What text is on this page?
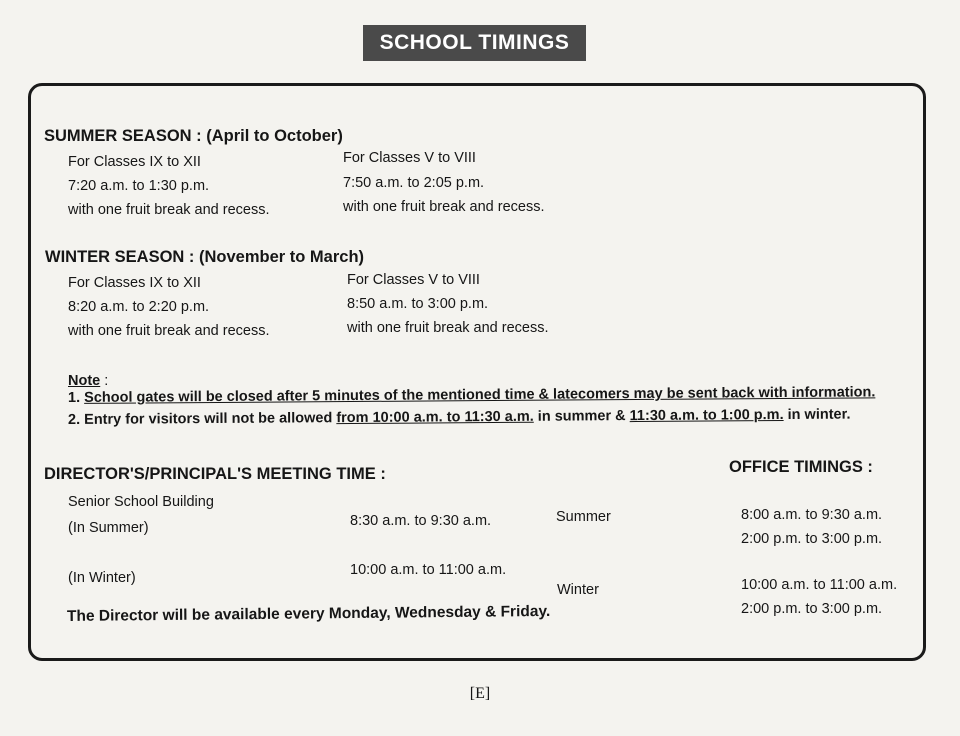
SCHOOL TIMINGS
SUMMER SEASON : (April to October)
For Classes IX to XII
7:20 a.m. to 1:30 p.m.
with one fruit break and recess.
For Classes V to VIII
7:50 a.m. to 2:05 p.m.
with one fruit break and recess.
WINTER SEASON : (November to March)
For Classes IX to XII
8:20 a.m. to 2:20 p.m.
with one fruit break and recess.
For Classes V to VIII
8:50 a.m. to 3:00 p.m.
with one fruit break and recess.
Note :
1. School gates will be closed after 5 minutes of the mentioned time & latecomers may be sent back with information.
2. Entry for visitors will not be allowed from 10:00 a.m. to 11:30 a.m. in summer & 11:30 a.m. to 1:00 p.m. in winter.
DIRECTOR'S/PRINCIPAL'S MEETING TIME :
Senior School Building
(In Summer)	8:30 a.m. to 9:30 a.m.
(In Winter)	10:00 a.m. to 11:00 a.m.
The Director will be available every Monday, Wednesday & Friday.
OFFICE TIMINGS :
Summer	8:00 a.m. to 9:30 a.m.
2:00 p.m. to 3:00 p.m.
Winter	10:00 a.m. to 11:00 a.m.
2:00 p.m. to 3:00 p.m.
[E]
